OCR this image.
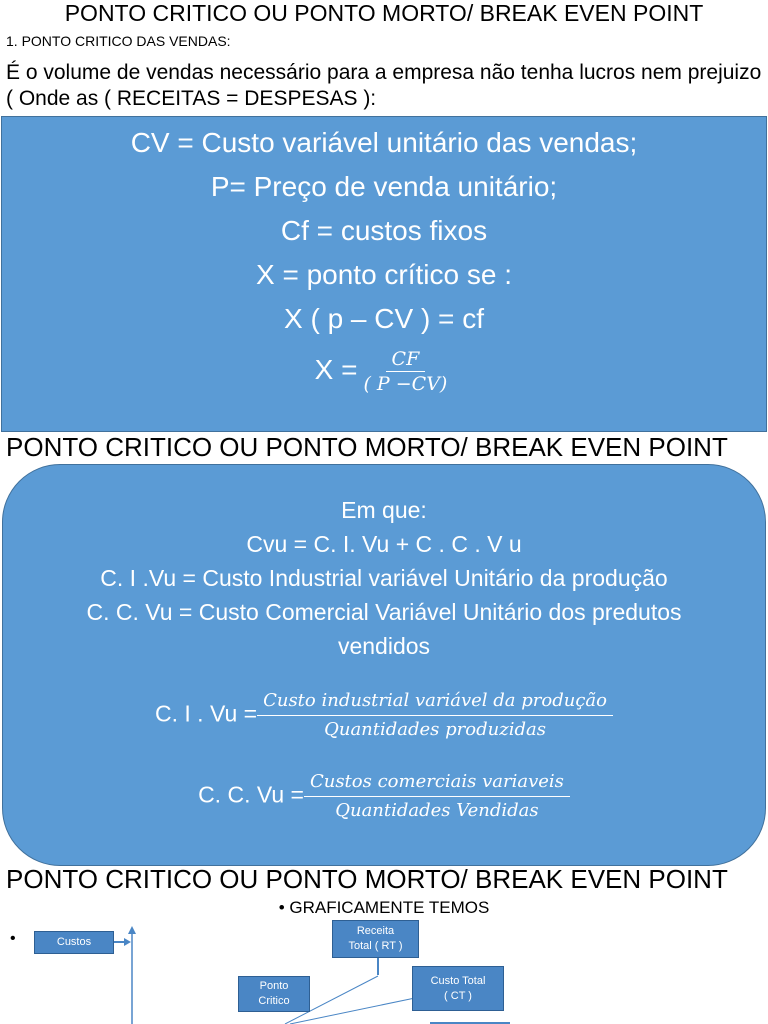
PONTO CRITICO OU PONTO MORTO/ BREAK EVEN POINT
1. PONTO CRITICO DAS VENDAS:
É o volume de vendas necessário para a empresa não tenha lucros nem prejuizo ( Onde as ( RECEITAS = DESPESAS ):
CV = Custo variável unitário das vendas;
P= Preço de venda unitário;
Cf = custos fixos
X = ponto crítico se :
X ( p – CV ) = cf
$X = \frac{CF}{( P -CV)}$
PONTO CRITICO OU PONTO MORTO/ BREAK EVEN POINT
Em que:
Cvu = C. I. Vu + C . C . V u
C. I .Vu = Custo Industrial variável Unitário da produção
C. C. Vu = Custo Comercial Variável Unitário dos predutos
vendidos
C. I . $Vu = \frac{\text{Custo industrial variável da produção}}{\text{Quantidades produzidas}}$
C. C. $Vu = \frac{\text{Custos comerciais variaveis}}{\text{Quantidades Vendidas}}$
PONTO CRITICO OU PONTO MORTO/ BREAK EVEN POINT
• GRAFICAMENTE TEMOS
•	Custos
Receita
Total ( RT )
Custo Total
( CT )
Ponto
Critico
